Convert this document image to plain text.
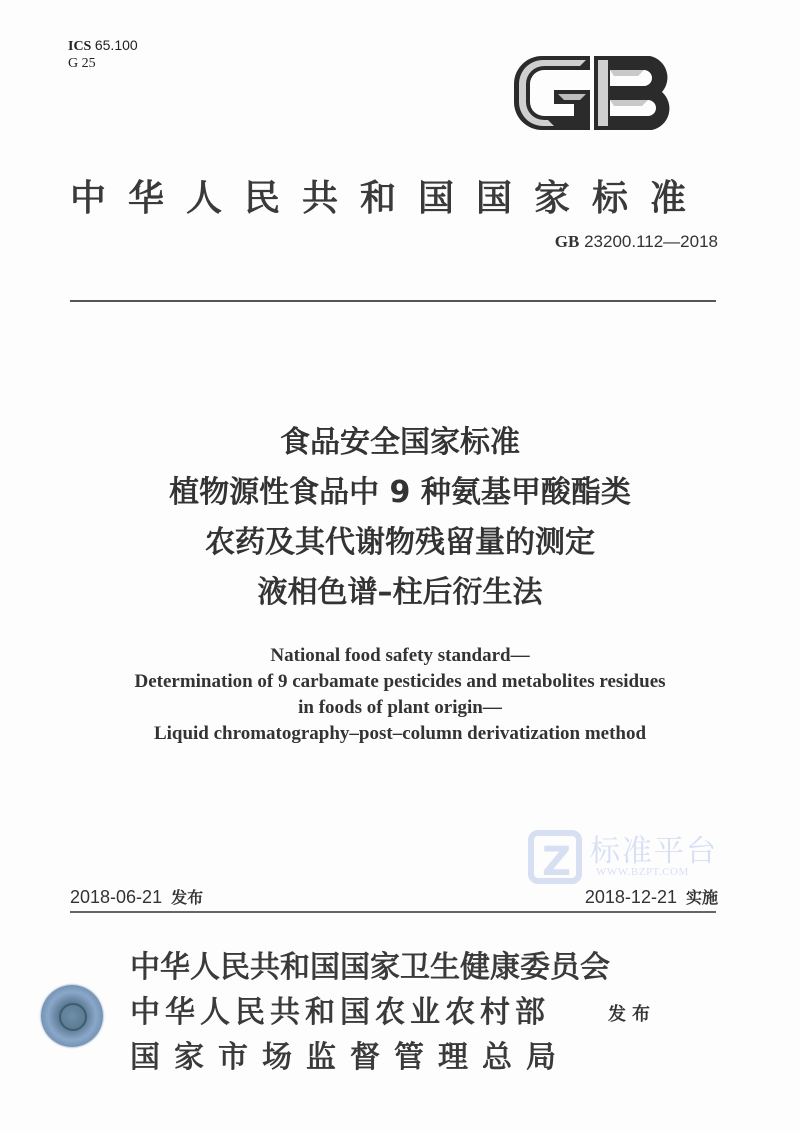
ICS 65.100
G 25
中华人民共和国国家标准
GB 23200.112—2018
食品安全国家标准
植物源性食品中 9 种氨基甲酸酯类
农药及其代谢物残留量的测定
液相色谱–柱后衍生法
National food safety standard—
Determination of 9 carbamate pesticides and metabolites residues
in foods of plant origin—
Liquid chromatography–post–column derivatization method
Z 标准平台
WWW.BZPT.COM
2018-06-21 发布	2018-12-21 实施
中华人民共和国国家卫生健康委员会
中华人民共和国农业农村部
国家市场监督管理总局
发布
